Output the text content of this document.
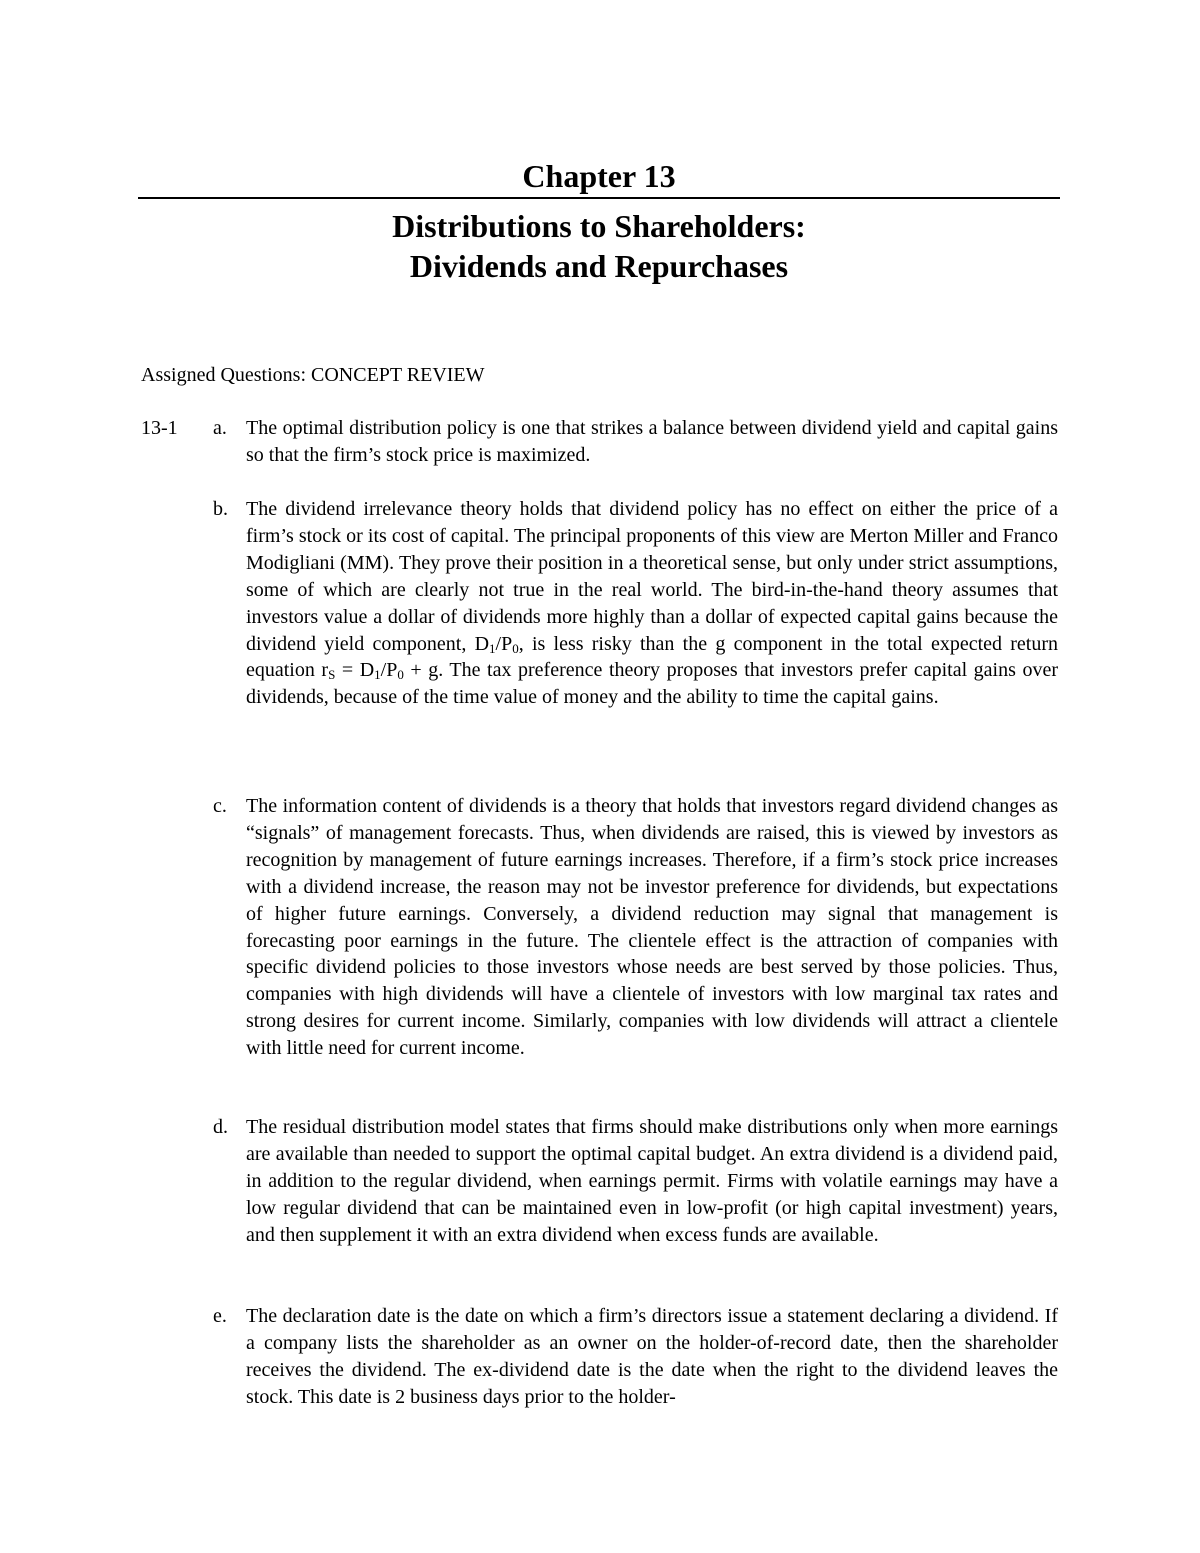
Chapter 13
Distributions to Shareholders:
Dividends and Repurchases
Assigned Questions: CONCEPT REVIEW
13-1 a. The optimal distribution policy is one that strikes a balance between dividend yield and capital gains so that the firm’s stock price is maximized.

b. The dividend irrelevance theory holds that dividend policy has no effect on either the price of a firm’s stock or its cost of capital. The principal proponents of this view are Merton Miller and Franco Modigliani (MM). They prove their position in a theoretical sense, but only under strict assumptions, some of which are clearly not true in the real world. The bird-in-the-hand theory assumes that investors value a dollar of dividends more highly than a dollar of expected capital gains because the dividend yield component, $D_1/P_0$, is less risky than the g component in the total expected return equation $r_S = D_1/P_0 + g$. The tax preference theory proposes that investors prefer capital gains over dividends, because of the time value of money and the ability to time the capital gains.

c. The information content of dividends is a theory that holds that investors regard dividend changes as “signals” of management forecasts. Thus, when dividends are raised, this is viewed by investors as recognition by management of future earnings increases. Therefore, if a firm’s stock price increases with a dividend increase, the reason may not be investor preference for dividends, but expectations of higher future earnings. Conversely, a dividend reduction may signal that management is forecasting poor earnings in the future. The clientele effect is the attraction of companies with specific dividend policies to those investors whose needs are best served by those policies. Thus, companies with high dividends will have a clientele of investors with low marginal tax rates and strong desires for current income. Similarly, companies with low dividends will attract a clientele with little need for current income.

d. The residual distribution model states that firms should make distributions only when more earnings are available than needed to support the optimal capital budget. An extra dividend is a dividend paid, in addition to the regular dividend, when earnings permit. Firms with volatile earnings may have a low regular dividend that can be maintained even in low-profit (or high capital investment) years, and then supplement it with an extra dividend when excess funds are available.

e. The declaration date is the date on which a firm’s directors issue a statement declaring a dividend. If a company lists the shareholder as an owner on the holder-of-record date, then the shareholder receives the dividend. The ex-dividend date is the date when the right to the dividend leaves the stock. This date is 2 business days prior to the holder-
